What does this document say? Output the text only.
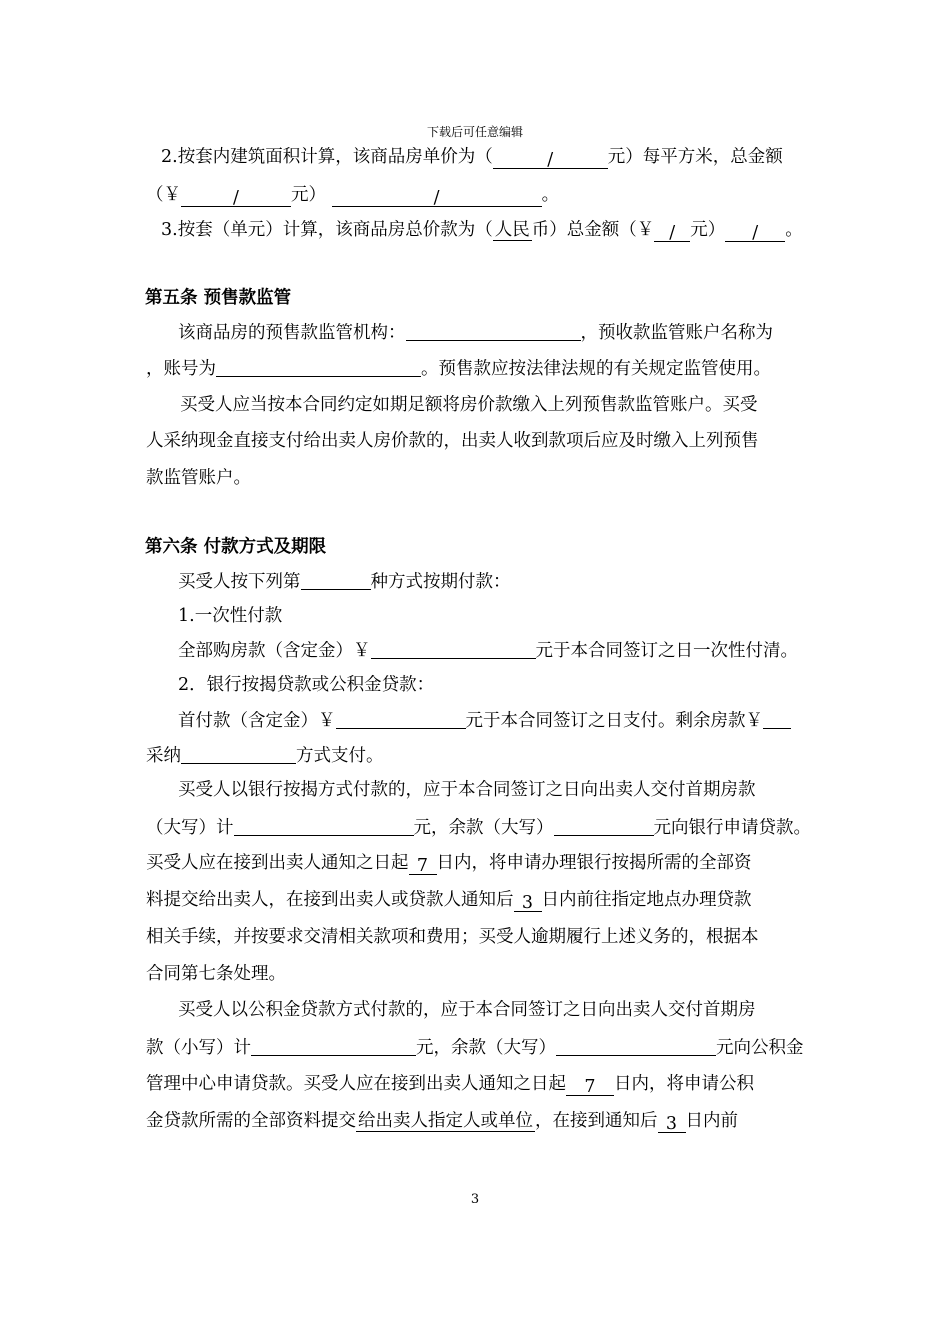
下载后可任意编辑
2.按套内建筑面积计算，该商品房单价为（	/	元）每平方米，总金额
（￥	/	元）	/	。
3.按套（单元）计算，该商品房总价款为（ 人民 币）总金额（￥ / 元） / 。
第五条 预售款监管
该商品房的预售款监管机构：	，预收款监管账户名称为
，账号为	。预售款应按法律法规的有关规定监管使用。
买受人应当按本合同约定如期足额将房价款缴入上列预售款监管账户。买受
人采纳现金直接支付给出卖人房价款的，出卖人收到款项后应及时缴入上列预售
款监管账户。
第六条 付款方式及期限
买受人按下列第	种方式按期付款：
1.一次性付款
全部购房款（含定金）￥	元于本合同签订之日一次性付清。
2．银行按揭贷款或公积金贷款：
首付款（含定金）￥	元于本合同签订之日支付。剩余房款￥
采纳	方式支付。
买受人以银行按揭方式付款的，应于本合同签订之日向出卖人交付首期房款
（大写）计	元，余款（大写）	元向银行申请贷款。
买受人应在接到出卖人通知之日起 7 日内，将申请办理银行按揭所需的全部资
料提交给出卖人，在接到出卖人或贷款人通知后 3 日内前往指定地点办理贷款
相关手续，并按要求交清相关款项和费用；买受人逾期履行上述义务的，根据本
合同第七条处理。
买受人以公积金贷款方式付款的，应于本合同签订之日向出卖人交付首期房
款（小写）计	元，余款（大写）	元向公积金
管理中心申请贷款。买受人应在接到出卖人通知之日起 7 日内，将申请公积
金贷款所需的全部资料提交 给出卖人指定人或单位 ，在接到通知后 3 日内前
3
